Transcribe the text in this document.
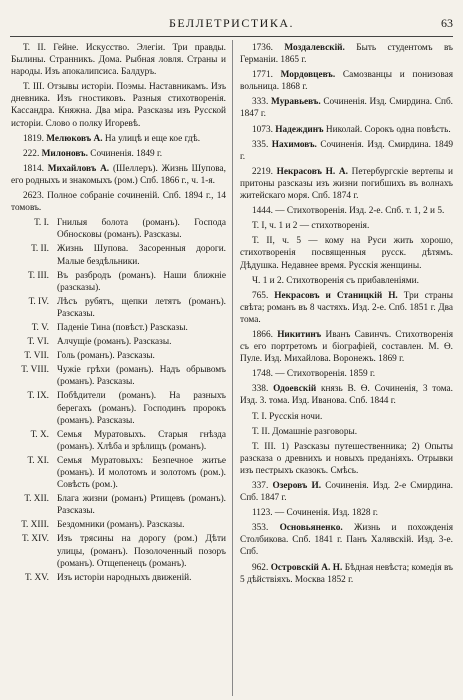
БЕЛЛЕТРИСТИКА.	63

Т. II. Гейне. Искусство. Элегіи. Три правды. Былины. Странникъ. Дома. Рыбная ловля. Страны и народы. Изъ апокалипсиса. Балдуръ.

Т. III. Отзывы исторіи. Поэмы. Наставникамъ. Изъ дневника. Изъ гностиковъ. Разныя стихотворенія. Кассандра. Княжна. Два міра. Разсказы изъ Русской исторіи. Слово о полку Игоревѣ.

1819. Мелюковъ А. На улицѣ и еще кое гдѣ.

222. Милоновъ. Сочиненія. 1849 г.

1814. Михайловъ А. (Шеллеръ). Жизнь Шупова, его родныхъ и знакомыхъ (ром.) Спб. 1866 г., ч. 1-я.

2623. Полное собраніе сочиненій. Спб. 1894 г., 14 томовъ.

Т. I. Гнилыя болота (романъ). Господа Обносковы (романъ). Разсказы.
Т. II. Жизнь Шупова. Засоренныя дороги. Малые бездѣльники.
Т. III. Въ разбродъ (романъ). Наши ближніе (разсказы).
Т. IV. Лѣсъ рубятъ, щепки летятъ (романъ). Разсказы.
Т. V. Паденіе Тина (повѣст.) Разсказы.
Т. VI. Алчущіе (романъ). Разсказы.
Т. VII. Голь (романъ). Разсказы.
Т. VIII. Чужіе грѣхи (романъ). Надъ обрывомъ (романъ). Разсказы.
Т. IX. Побѣдители (романъ). На разныхъ берегахъ (романъ). Господинъ пророкъ (романъ). Разсказы.
Т. X. Семья Муратовыхъ. Старыя гнѣзда (романъ). Хлѣба и зрѣлищъ (романъ).
Т. XI. Семья Муратовыхъ: Безпечное житье (романъ). И молотомъ и золотомъ (ром.). Совѣсть (ром.).
Т. XII. Блага жизни (романъ) Ртищевъ (романъ). Разсказы.
Т. XIII. Бездомники (романъ). Разсказы.
Т. XIV. Изъ трясины на дорогу (ром.) Дѣти улицы, (романъ). Позолоченный позоръ (романъ). Отщепенецъ (романъ).
Т. XV. Изъ исторіи народныхъ движеній.

1736. Моздалевскій. Быть студентомъ въ Германіи. 1865 г.

1771. Мордовцевъ. Самозванцы и понизовая вольница. 1868 г.

333. Муравьевъ. Сочиненія. Изд. Смирдина. Спб. 1847 г.

1073. Надеждинъ Николай. Сорокъ одна повѣсть.

335. Нахимовъ. Сочиненія. Изд. Смирдина. 1849 г.

2219. Некрасовъ Н. А. Петербургскіе вертепы и притоны разсказы изъ жизни погибшихъ въ волнахъ житейскаго моря. Спб. 1874 г.

1444. — Стихотворенія. Изд. 2-е. Спб. т. 1, 2 и 5.

Т. I, ч. 1 и 2 — стихотворенія.

Т. II, ч. 5 — кому на Руси жить хорошо, стихотворенія посвященныя русск. дѣтямъ. Дѣдушка. Недавнее время. Русскія женщины.

Ч. 1 и 2. Стихотворенія съ прибавленіями.

765. Некрасовъ и Станицкій Н. Три страны свѣта; романъ въ 8 частяхъ. Изд. 2-е. Спб. 1851 г. Два тома.

1866. Никитинъ Иванъ Савинчъ. Стихотворенія съ его портретомъ и біографіей, составлен. М. Ө. Пуле. Изд. Михайлова. Воронежъ. 1869 г.

1748. — Стихотворенія. 1859 г.

338. Одоевскій князь В. Ө. Сочиненія, 3 тома. Изд. 3. тома. Изд. Иванова. Спб. 1844 г.

Т. I. Русскія ночи.

Т. II. Домашніе разговоры.

Т. III. 1) Разсказы путешественника; 2) Опыты разсказа о древнихъ и новыхъ преданіяхъ. Отрывки изъ пестрыхъ сказокъ. Смѣсь.

337. Озеровъ И. Сочиненія. Изд. 2-е Смирдина. Спб. 1847 г.

1123. — Сочиненія. Изд. 1828 г.

353. Основьяненко. Жизнь и похожденія Столбикова. Спб. 1841 г. Панъ Халявскій. Изд. 3-е. Спб.

962. Островскій А. Н. Бѣдная невѣста; комедія въ 5 дѣйствіяхъ. Москва 1852 г.
